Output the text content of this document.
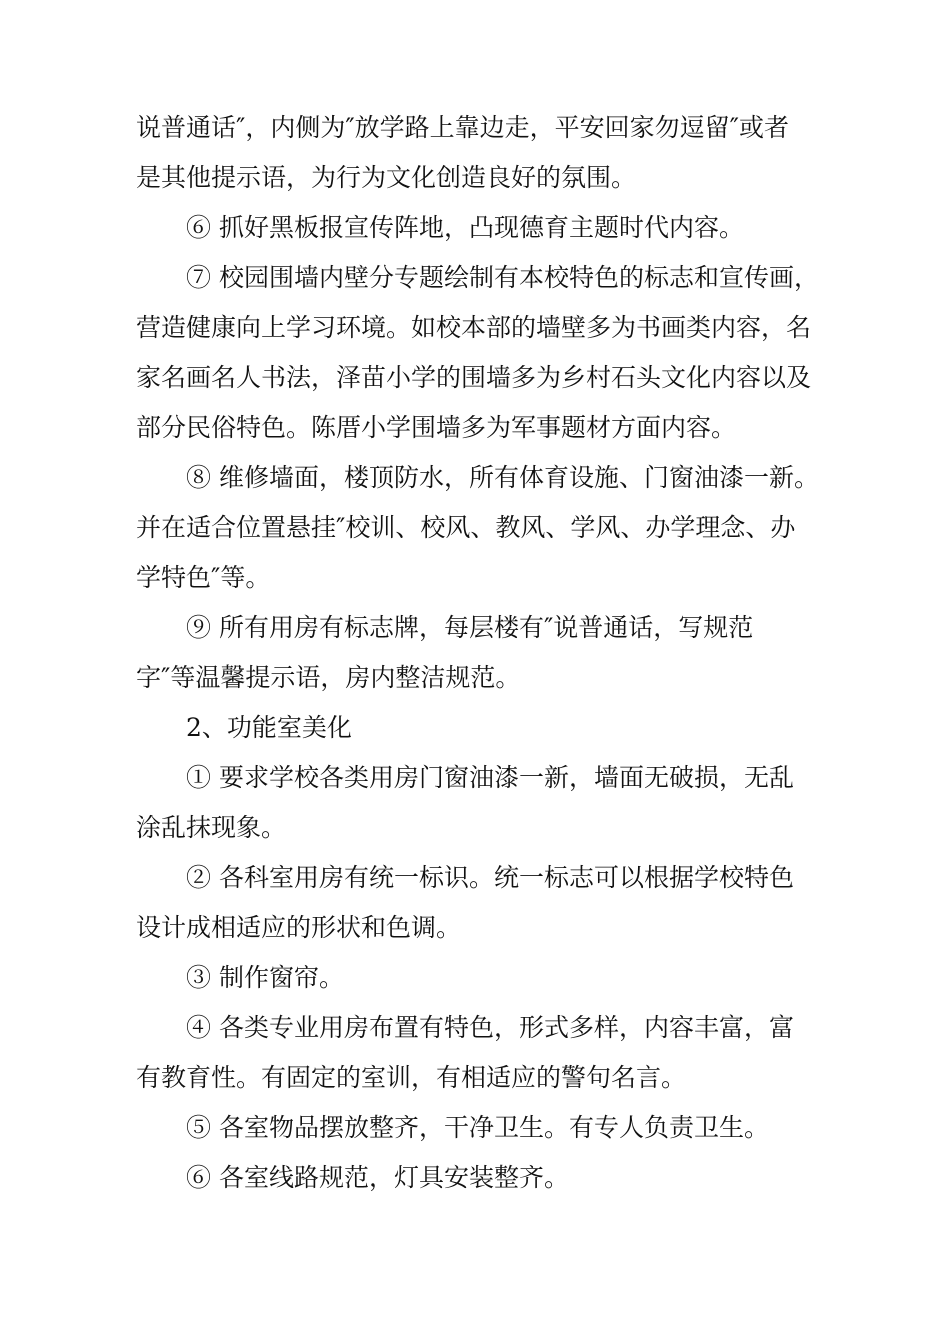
说普通话″，内侧为″放学路上靠边走，平安回家勿逗留″或者
是其他提示语，为行为文化创造良好的氛围。

⑥ 抓好黑板报宣传阵地，凸现德育主题时代内容。

⑦ 校园围墙内壁分专题绘制有本校特色的标志和宣传画，
营造健康向上学习环境。如校本部的墙壁多为书画类内容，名
家名画名人书法，泽苗小学的围墙多为乡村石头文化内容以及
部分民俗特色。陈厝小学围墙多为军事题材方面内容。

⑧ 维修墙面，楼顶防水，所有体育设施、门窗油漆一新。
并在适合位置悬挂″校训、校风、教风、学风、办学理念、办
学特色″等。

⑨ 所有用房有标志牌，每层楼有″说普通话，写规范
字″等温馨提示语，房内整洁规范。

2、功能室美化

① 要求学校各类用房门窗油漆一新，墙面无破损，无乱
涂乱抹现象。

② 各科室用房有统一标识。统一标志可以根据学校特色
设计成相适应的形状和色调。

③ 制作窗帘。

④ 各类专业用房布置有特色，形式多样，内容丰富，富
有教育性。有固定的室训，有相适应的警句名言。

⑤ 各室物品摆放整齐，干净卫生。有专人负责卫生。

⑥ 各室线路规范，灯具安装整齐。
